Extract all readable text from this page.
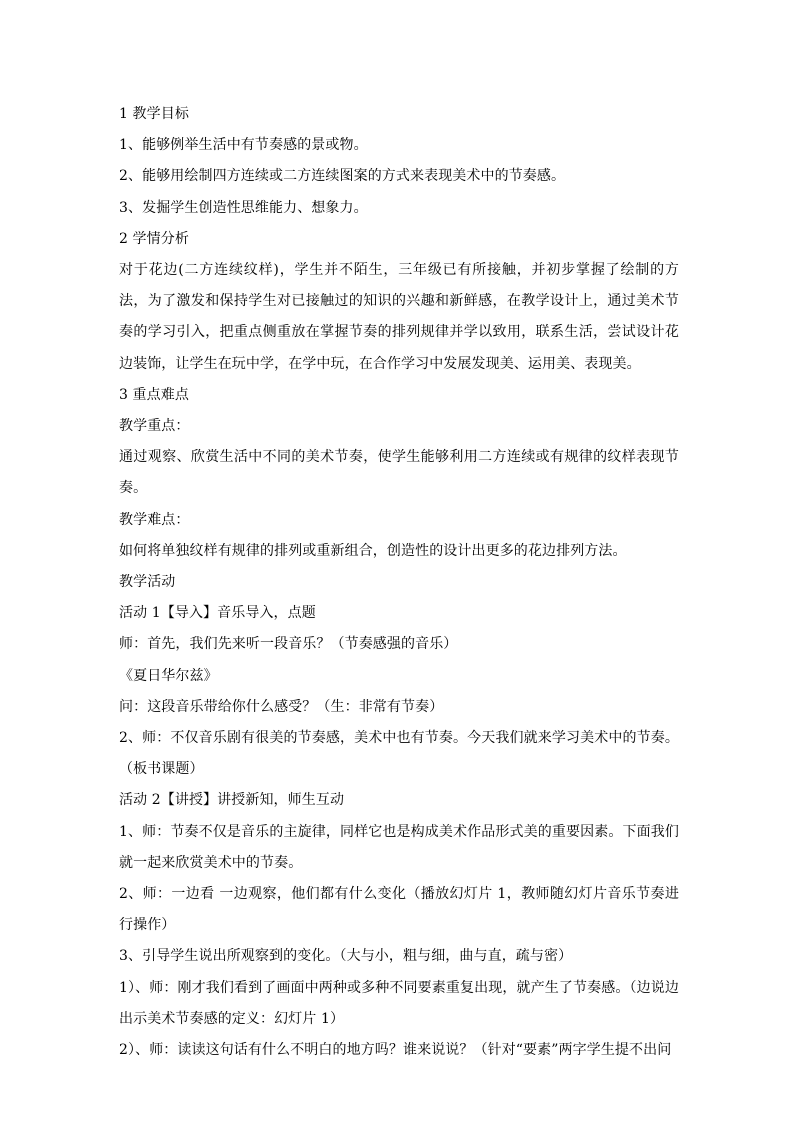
1 教学目标

1、能够例举生活中有节奏感的景或物。

2、能够用绘制四方连续或二方连续图案的方式来表现美术中的节奏感。

3、发掘学生创造性思维能力、想象力。

2 学情分析

对于花边(二方连续纹样)，学生并不陌生，三年级已有所接触，并初步掌握了绘制的方法，为了激发和保持学生对已接触过的知识的兴趣和新鲜感，在教学设计上，通过美术节奏的学习引入，把重点侧重放在掌握节奏的排列规律并学以致用，联系生活，尝试设计花边装饰，让学生在玩中学，在学中玩，在合作学习中发展发现美、运用美、表现美。

3 重点难点

教学重点：

通过观察、欣赏生活中不同的美术节奏，使学生能够利用二方连续或有规律的纹样表现节奏。

教学难点：

如何将单独纹样有规律的排列或重新组合，创造性的设计出更多的花边排列方法。

教学活动

活动 1【导入】音乐导入，点题

师：首先，我们先来听一段音乐？（节奏感强的音乐）

《夏日华尔兹》

问：这段音乐带给你什么感受？（生：非常有节奏）

2、师：不仅音乐剧有很美的节奏感，美术中也有节奏。今天我们就来学习美术中的节奏。（板书课题）

活动 2【讲授】讲授新知，师生互动

1、师：节奏不仅是音乐的主旋律，同样它也是构成美术作品形式美的重要因素。下面我们就一起来欣赏美术中的节奏。

2、师：一边看 一边观察，他们都有什么变化（播放幻灯片 1，教师随幻灯片音乐节奏进行操作）

3、引导学生说出所观察到的变化。（大与小，粗与细，曲与直，疏与密）

1）、师：刚才我们看到了画面中两种或多种不同要素重复出现，就产生了节奏感。（边说边出示美术节奏感的定义：幻灯片 1）

2）、师：读读这句话有什么不明白的地方吗？谁来说说？（针对“要素”两字学生提不出问
